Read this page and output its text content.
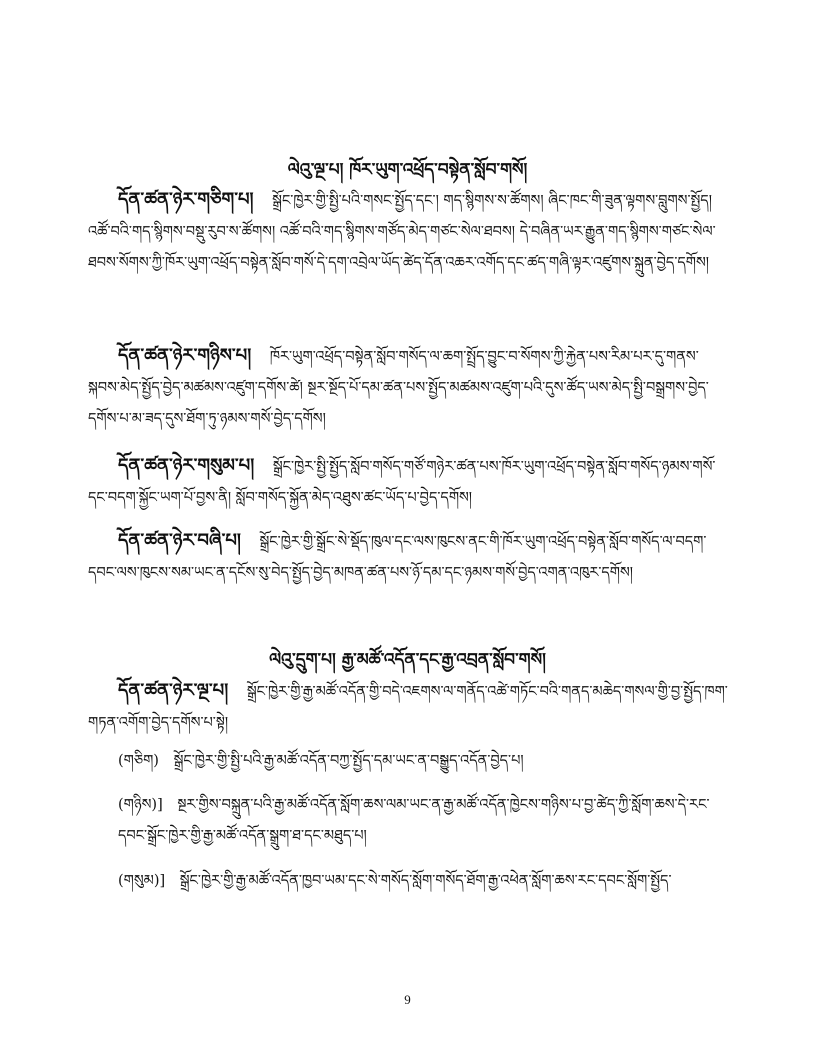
ལེའུ་ལྔ་པ། ཁོར་ཡུག་འཕྲོད་བསྟེན་སློབ་གསོ།
དོན་ཚན་ཉེར་གཅིག་པ། སྒྲོང་ཁྱེར་གྱི་སྤྱི་པའི་གསང་སྤྱོད་དང་། གད་སྙིགས་ས་ཚོགས། ཞིང་ཁང་གི་ཟུན་ལྟགས་བླུགས་སྤྱོད། འཚོ་བའི་གད་སྙིགས་བསྡུ་རུབ་ས་ཚོགས། འཚོ་བའི་གད་སྙིགས་གཙོད་མེད་གཙང་སེལ་ཐབས། དེ་བཞིན་ཡར་རྒྱུན་གད་སྙིགས་གཙང་སེལ་ཐབས་སོགས་ཀྱི་ཁོར་ཡུག་འཕྲོད་བསྟེན་སློབ་གསོ་དེ་དག་འབྲེལ་ཡོད་ཚེད་དོན་འཆར་འགོད་དང་ཚད་གཞི་ལྟར་འཛུགས་སྐྲུན་བྱེད་དགོས།
དོན་ཚན་ཉེར་གཉིས་པ། ཁོར་ཡུག་འཕྲོད་བསྟེན་སློབ་གསོད་ལ་ཆག་སྤྲོད་བྱུང་བ་སོགས་ཀྱི་རྐྱེན་པས་རིམ་པར་དུ་གནས་སྐབས་མེད་སྤྱོད་བྱེད་མཚམས་འཛུག་དགོས་ཚེ། སྔར་སྔོད་པོ་དམ་ཚན་པས་སྤྱོད་མཚམས་འཛུག་པའི་དུས་ཚོད་ཡས་མེད་སྤྱི་བསྒྲགས་བྱེད་དགོས་པ་མ་ཟད་དུས་ཐོག་ཏུ་ཉམས་གསོ་བྱེད་དགོས།
དོན་ཚན་ཉེར་གསུམ་པ། སྒྲོང་ཁྱེར་སྤྱི་སྤྱོད་སློབ་གསོད་གཙོ་གཉེར་ཚན་པས་ཁོར་ཡུག་འཕྲོད་བསྟེན་སློབ་གསོད་ཉམས་གསོ་དང་བདག་སྐྱོང་ཡག་པོ་བྱས་ནི། སློབ་གསོད་སྐྱོན་མེད་འཐུས་ཚང་ཡོད་པ་བྱེད་དགོས།
དོན་ཚན་ཉེར་བཞི་པ། སྒྲོང་ཁྱེར་གྱི་སྒྲོང་སེ་སྡོད་ཁུལ་དང་ལས་ཁུངས་ནང་གི་ཁོར་ཡུག་འཕྲོད་བསྟེན་སློབ་གསོད་ལ་བདག་དབང་ལས་ཁུངས་སམ་ཡང་ན་དངོས་སུ་བེད་སྤྱོད་བྱེད་མཁན་ཚན་པས་ཉོ་དམ་དང་ཉམས་གསོ་བྱེད་འགན་འཁུར་དགོས།
ལེའུ་དྲུག་པ། རྒྱ་མཚོ་འདོན་དང་རྒྱ་འབྲན་སློབ་གསོ།
དོན་ཚན་ཉེར་ལྔ་པ། སྒྲོང་ཁྱེར་གྱི་རྒྱ་མཚོ་འདོན་གྱི་བདེ་འཇགས་ལ་གནོད་འཚེ་གཏོང་བའི་གནད་མཆེད་གསལ་གྱི་བྱ་སྤྱོད་ཁག་གཏན་འགོག་བྱེད་དགོས་པ་སྟེ།
(གཅིག) སྒྲོང་ཁྱེར་གྱི་སྤྱི་པའི་རྒྱ་མཚོ་འདོན་བཀྱ་སྤྱོད་དམ་ཡང་ན་བསྒྱུད་འདོན་བྱེད་པ།
(གཉིས)] སྔར་གྱིས་བསྐྲུན་པའི་རྒྱ་མཚོ་འདོན་སློག་ཆས་ལམ་ཡང་ན་རྒྱ་མཚོ་འདོན་ཁྱེངས་གཉིས་པ་བྱ་ཚེད་ཀྱི་སློག་ཆས་དེ་རང་དབང་སྒྲོང་ཁྱེར་གྱི་རྒྱ་མཚོ་འདོན་སྒྲུག་ཐ་དང་མཐུད་པ།
(གསུམ)] སྒྲོང་ཁྱེར་གྱི་རྒྱ་མཚོ་འདོན་ཁྱབ་ཡམ་དང་སེ་གསོད་སློག་གསོད་ཐོག་རྒྱ་འཕེན་སློག་ཆས་རང་དབང་སློག་སྤྱོད་
9
